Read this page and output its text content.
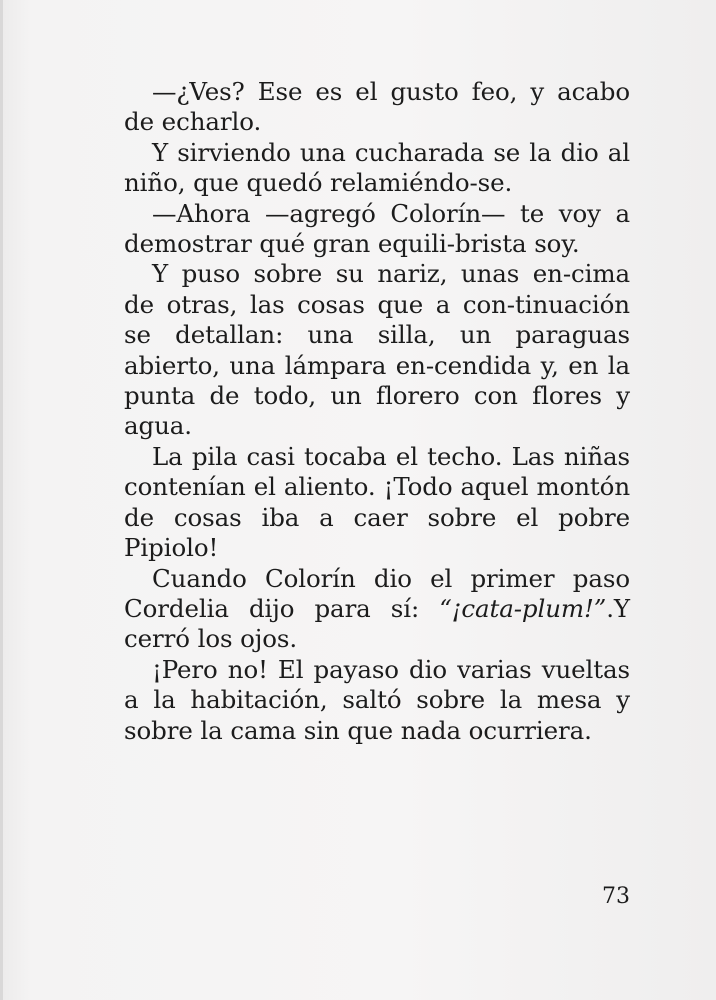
—¿Ves? Ese es el gusto feo, y acabo de echarlo.

Y sirviendo una cucharada se la dio al niño, que quedó relamiéndo-se.

—Ahora —agregó Colorín— te voy a demostrar qué gran equili-brista soy.

Y puso sobre su nariz, unas en-cima de otras, las cosas que a con-tinuación se detallan: una silla, un paraguas abierto, una lámpara en-cendida y, en la punta de todo, un florero con flores y agua.

La pila casi tocaba el techo. Las niñas contenían el aliento. ¡Todo aquel montón de cosas iba a caer sobre el pobre Pipiolo!

Cuando Colorín dio el primer paso Cordelia dijo para sí: “¡cata-plum!”.Y cerró los ojos.

¡Pero no! El payaso dio varias vueltas a la habitación, saltó sobre la mesa y sobre la cama sin que nada ocurriera.

73
